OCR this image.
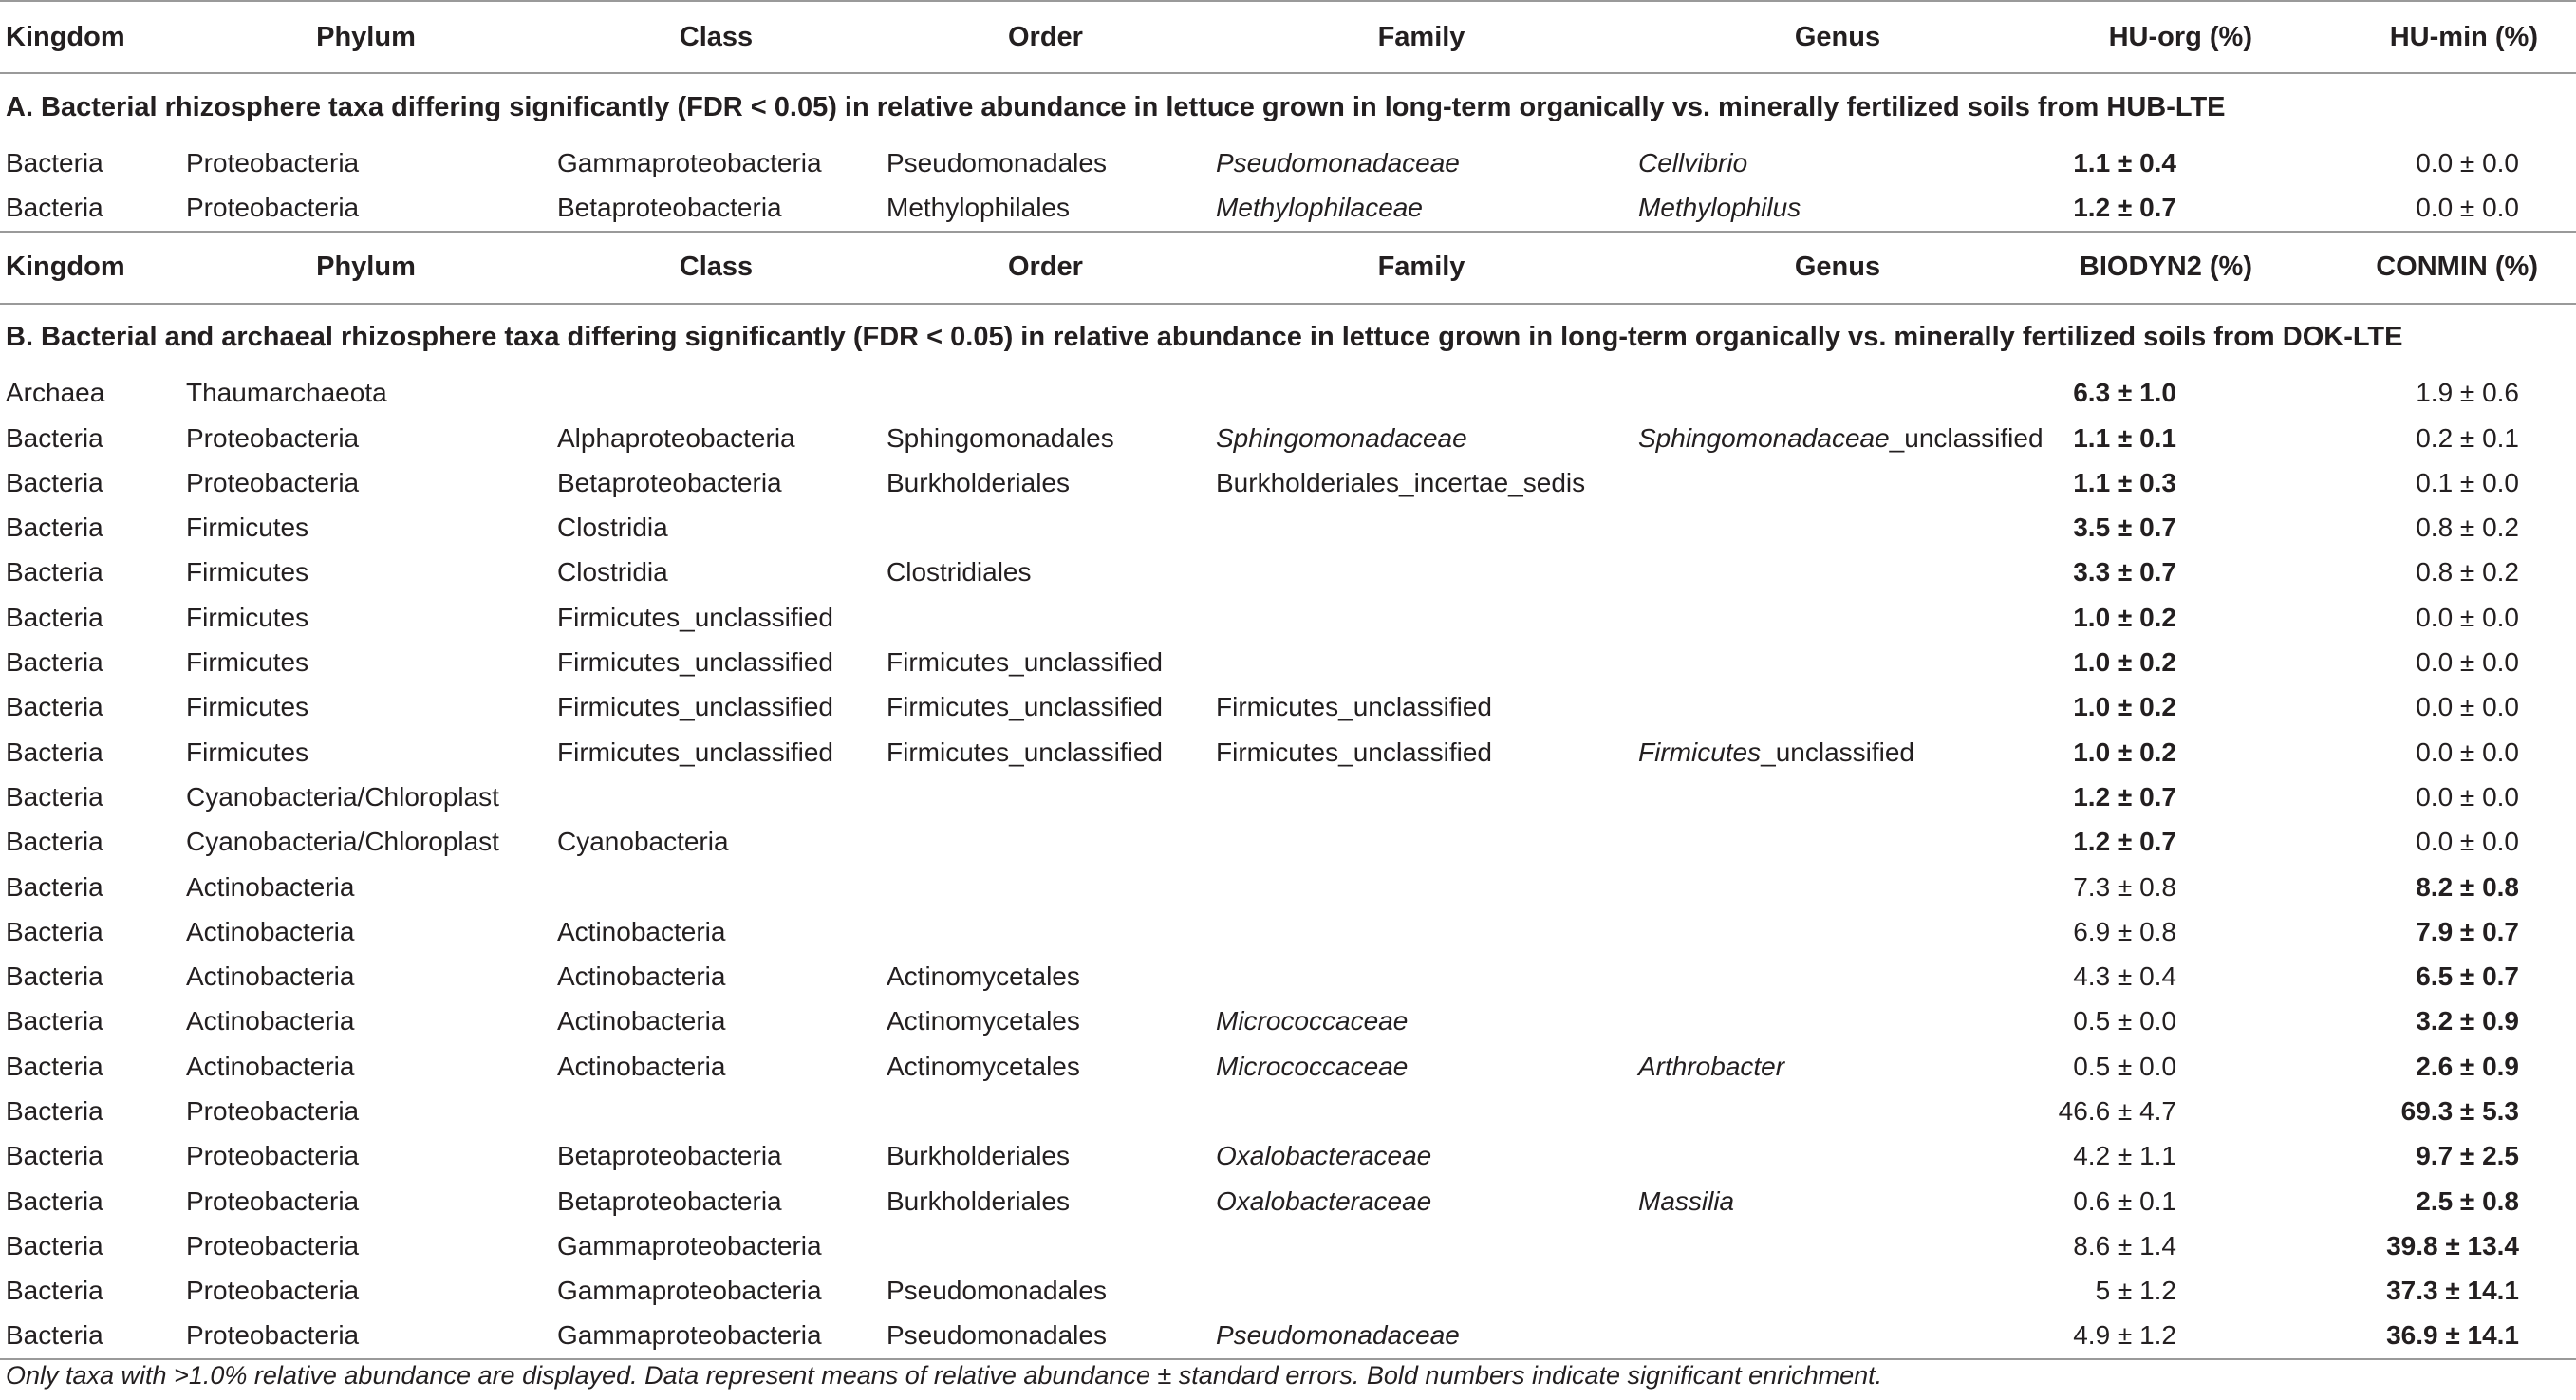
Kingdom	Phylum	Class	Order	Family	Genus	HU-org (%)	HU-min (%)
A. Bacterial rhizosphere taxa differing significantly (FDR < 0.05) in relative abundance in lettuce grown in long-term organically vs. minerally fertilized soils from HUB-LTE							
Bacteria	Proteobacteria	Gammaproteobacteria	Pseudomonadales	Pseudomonadaceae	Cellvibrio	1.1 ± 0.4	0.0 ± 0.0
Bacteria	Proteobacteria	Betaproteobacteria	Methylophilales	Methylophilaceae	Methylophilus	1.2 ± 0.7	0.0 ± 0.0
Kingdom	Phylum	Class	Order	Family	Genus	BIODYN2 (%)	CONMIN (%)
B. Bacterial and archaeal rhizosphere taxa differing significantly (FDR < 0.05) in relative abundance in lettuce grown in long-term organically vs. minerally fertilized soils from DOK-LTE							
Archaea	Thaumarchaeota					6.3 ± 1.0	1.9 ± 0.6
Bacteria	Proteobacteria	Alphaproteobacteria	Sphingomonadales	Sphingomonadaceae	Sphingomonadaceae_unclassified	1.1 ± 0.1	0.2 ± 0.1
Bacteria	Proteobacteria	Betaproteobacteria	Burkholderiales	Burkholderiales_incertae_sedis		1.1 ± 0.3	0.1 ± 0.0
Bacteria	Firmicutes	Clostridia				3.5 ± 0.7	0.8 ± 0.2
Bacteria	Firmicutes	Clostridia	Clostridiales			3.3 ± 0.7	0.8 ± 0.2
Bacteria	Firmicutes	Firmicutes_unclassified				1.0 ± 0.2	0.0 ± 0.0
Bacteria	Firmicutes	Firmicutes_unclassified	Firmicutes_unclassified			1.0 ± 0.2	0.0 ± 0.0
Bacteria	Firmicutes	Firmicutes_unclassified	Firmicutes_unclassified	Firmicutes_unclassified		1.0 ± 0.2	0.0 ± 0.0
Bacteria	Firmicutes	Firmicutes_unclassified	Firmicutes_unclassified	Firmicutes_unclassified	Firmicutes_unclassified	1.0 ± 0.2	0.0 ± 0.0
Bacteria	Cyanobacteria/Chloroplast					1.2 ± 0.7	0.0 ± 0.0
Bacteria	Cyanobacteria/Chloroplast	Cyanobacteria				1.2 ± 0.7	0.0 ± 0.0
Bacteria	Actinobacteria					7.3 ± 0.8	8.2 ± 0.8
Bacteria	Actinobacteria	Actinobacteria				6.9 ± 0.8	7.9 ± 0.7
Bacteria	Actinobacteria	Actinobacteria	Actinomycetales			4.3 ± 0.4	6.5 ± 0.7
Bacteria	Actinobacteria	Actinobacteria	Actinomycetales	Micrococcaceae		0.5 ± 0.0	3.2 ± 0.9
Bacteria	Actinobacteria	Actinobacteria	Actinomycetales	Micrococcaceae	Arthrobacter	0.5 ± 0.0	2.6 ± 0.9
Bacteria	Proteobacteria					46.6 ± 4.7	69.3 ± 5.3
Bacteria	Proteobacteria	Betaproteobacteria	Burkholderiales	Oxalobacteraceae		4.2 ± 1.1	9.7 ± 2.5
Bacteria	Proteobacteria	Betaproteobacteria	Burkholderiales	Oxalobacteraceae	Massilia	0.6 ± 0.1	2.5 ± 0.8
Bacteria	Proteobacteria	Gammaproteobacteria				8.6 ± 1.4	39.8 ± 13.4
Bacteria	Proteobacteria	Gammaproteobacteria	Pseudomonadales			5 ± 1.2	37.3 ± 14.1
Bacteria	Proteobacteria	Gammaproteobacteria	Pseudomonadales	Pseudomonadaceae		4.9 ± 1.2	36.9 ± 14.1
Only taxa with >1.0% relative abundance are displayed. Data represent means of relative abundance ± standard errors. Bold numbers indicate significant enrichment.
